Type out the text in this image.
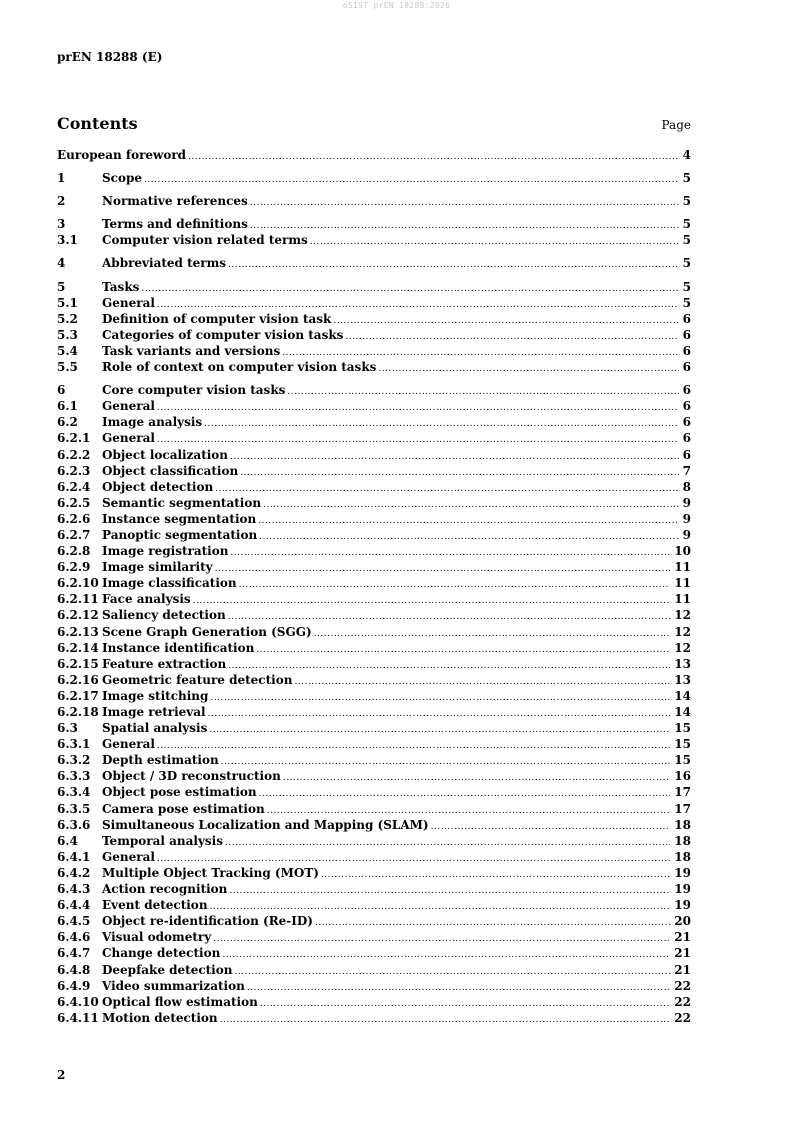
oSIST prEN 18288:2026
prEN 18288 (E)
Contents	Page
European foreword .....	4
1	Scope .....	5
2	Normative references .....	5
3	Terms and definitions .....	5
3.1 Computer vision related terms .....	5
4	Abbreviated terms .....	5
5	Tasks .....	5
5.1 General .....	5
5.2 Definition of computer vision task .....	6
5.3 Categories of computer vision tasks .....	6
5.4 Task variants and versions .....	6
5.5 Role of context on computer vision tasks .....	6
6	Core computer vision tasks .....	6
6.1 General .....	6
6.2 Image analysis .....	6
6.2.1 General .....	6
6.2.2 Object localization .....	6
6.2.3 Object classification .....	7
6.2.4 Object detection .....	8
6.2.5 Semantic segmentation .....	9
6.2.6 Instance segmentation .....	9
6.2.7 Panoptic segmentation .....	9
6.2.8 Image registration .....	10
6.2.9 Image similarity .....	11
6.2.10 Image classification .....	11
6.2.11 Face analysis .....	11
6.2.12 Saliency detection .....	12
6.2.13 Scene Graph Generation (SGG) .....	12
6.2.14 Instance identification .....	12
6.2.15 Feature extraction .....	13
6.2.16 Geometric feature detection .....	13
6.2.17 Image stitching .....	14
6.2.18 Image retrieval .....	14
6.3 Spatial analysis .....	15
6.3.1 General .....	15
6.3.2 Depth estimation .....	15
6.3.3 Object / 3D reconstruction .....	16
6.3.4 Object pose estimation .....	17
6.3.5 Camera pose estimation .....	17
6.3.6 Simultaneous Localization and Mapping (SLAM) .....	18
6.4 Temporal analysis .....	18
6.4.1 General .....	18
6.4.2 Multiple Object Tracking (MOT) .....	19
6.4.3 Action recognition .....	19
6.4.4 Event detection .....	19
6.4.5 Object re-identification (Re-ID) .....	20
6.4.6 Visual odometry .....	21
6.4.7 Change detection .....	21
6.4.8 Deepfake detection .....	21
6.4.9 Video summarization .....	22
6.4.10 Optical flow estimation .....	22
6.4.11 Motion detection .....	22
2
